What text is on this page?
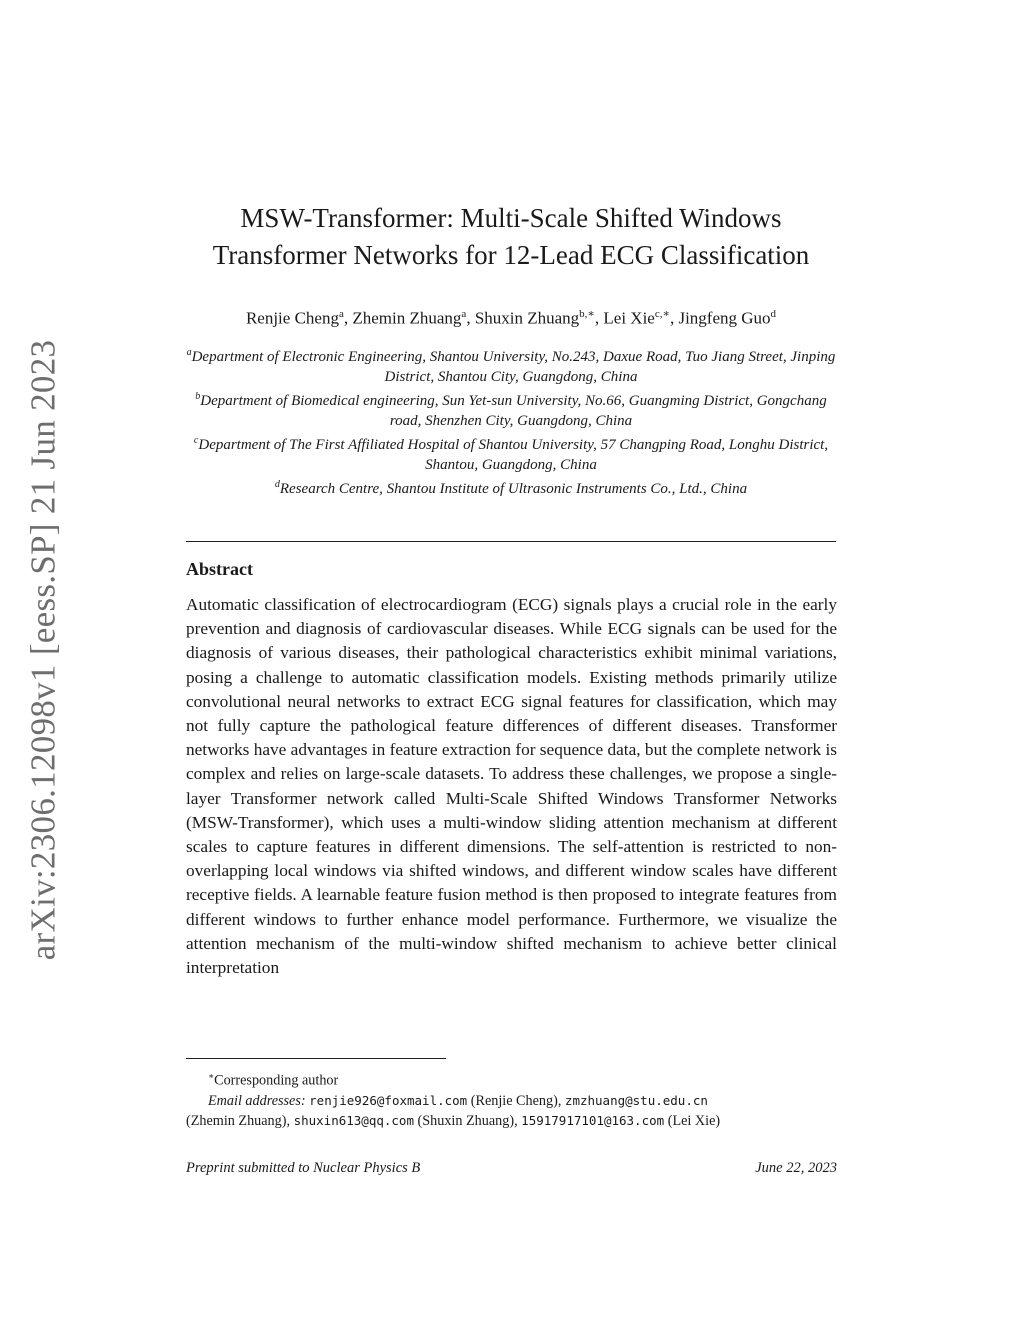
arXiv:2306.12098v1 [eess.SP] 21 Jun 2023
MSW-Transformer: Multi-Scale Shifted Windows
Transformer Networks for 12-Lead ECG Classification
Renjie Cheng$^a$, Zhemin Zhuang$^a$, Shuxin Zhuang$^{b,∗}$, Lei Xie$^{c,∗}$, Jingfeng Guo$^d$

$^a$Department of Electronic Engineering, Shantou University, No.243, Daxue Road, Tuo Jiang Street, Jinping District, Shantou City, Guangdong, China

$^b$Department of Biomedical engineering, Sun Yet-sun University, No.66, Guangming District, Gongchang road, Shenzhen City, Guangdong, China

$^c$Department of The First Affiliated Hospital of Shantou University, 57 Changping Road, Longhu District, Shantou, Guangdong, China

$^d$Research Centre, Shantou Institute of Ultrasonic Instruments Co., Ltd., China

Abstract

Automatic classification of electrocardiogram (ECG) signals plays a crucial role in the early prevention and diagnosis of cardiovascular diseases. While ECG signals can be used for the diagnosis of various diseases, their pathological characteristics exhibit minimal variations, posing a challenge to automatic classification models. Existing methods primarily utilize convolutional neural networks to extract ECG signal features for classification, which may not fully capture the pathological feature differences of different diseases. Transformer networks have advantages in feature extraction for sequence data, but the complete network is complex and relies on large-scale datasets. To address these challenges, we propose a single-layer Transformer network called Multi-Scale Shifted Windows Transformer Networks (MSW-Transformer), which uses a multi-window sliding attention mechanism at different scales to capture features in different dimensions. The self-attention is restricted to non-overlapping local windows via shifted windows, and different window scales have different receptive fields. A learnable feature fusion method is then proposed to integrate features from different windows to further enhance model performance. Furthermore, we visualize the attention mechanism of the multi-window shifted mechanism to achieve better clinical interpretation

∗Corresponding author

Email addresses: renjie926@foxmail.com (Renjie Cheng), zmzhuang@stu.edu.cn
(Zhemin Zhuang), shuxin613@qq.com (Shuxin Zhuang), 15917917101@163.com (Lei Xie)

Preprint submitted to Nuclear Physics B	June 22, 2023
